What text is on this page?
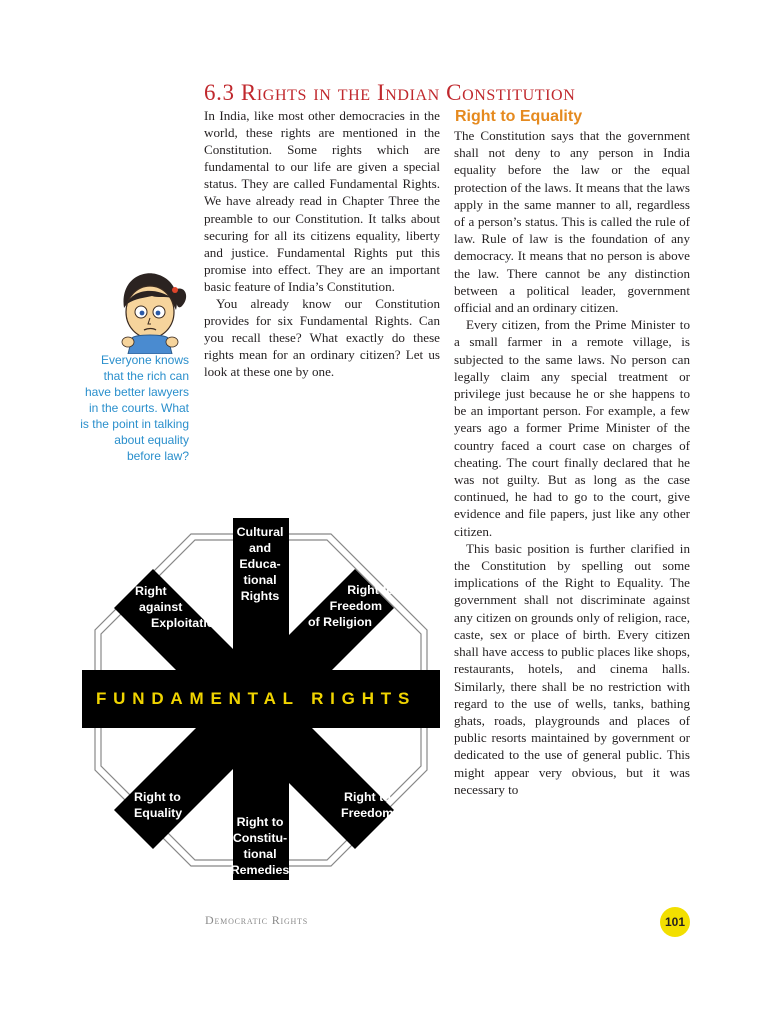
6.3 Rights in the Indian Constitution

In India, like most other democracies in the world, these rights are mentioned in the Constitution. Some rights which are fundamental to our life are given a special status. They are called Fundamental Rights. We have already read in Chapter Three the preamble to our Constitution. It talks about securing for all its citizens equality, liberty and justice. Fundamental Rights put this promise into effect. They are an important basic feature of India’s Constitution.

You already know our Constitution provides for six Fundamental Rights. Can you recall these? What exactly do these rights mean for an ordinary citizen? Let us look at these one by one.

Everyone knows that the rich can have better lawyers in the courts. What is the point in talking about equality before law?
Right to Equality

The Constitution says that the government shall not deny to any person in India equality before the law or the equal protection of the laws. It means that the laws apply in the same manner to all, regardless of a person’s status. This is called the rule of law. Rule of law is the foundation of any democracy. It means that no person is above the law. There cannot be any distinction between a political leader, government official and an ordinary citizen.

Every citizen, from the Prime Minister to a small farmer in a remote village, is subjected to the same laws. No person can legally claim any special treatment or privilege just because he or she happens to be an important person. For example, a few years ago a former Prime Minister of the country faced a court case on charges of cheating. The court finally declared that he was not guilty. But as long as the case continued, he had to go to the court, give evidence and file papers, just like any other citizen.

This basic position is further clarified in the Constitution by spelling out some implications of the Right to Equality. The government shall not discriminate against any citizen on grounds only of religion, race, caste, sex or place of birth. Every citizen shall have access to public places like shops, restaurants, hotels, and cinema halls. Similarly, there shall be no restriction with regard to the use of wells, tanks, bathing ghats, roads, playgrounds and places of public resorts maintained by government or dedicated to the use of general public. This might appear very obvious, but it was necessary to

Cultural
and
Educa-
tional
Rights	Right to
Freedom
of Religion
Right
against
Exploitation
Right to
Equality
Right to
Freedom
Right to
Constitu-
tional
Remedies
FUNDAMENTAL RIGHTS
Democratic Rights	101
